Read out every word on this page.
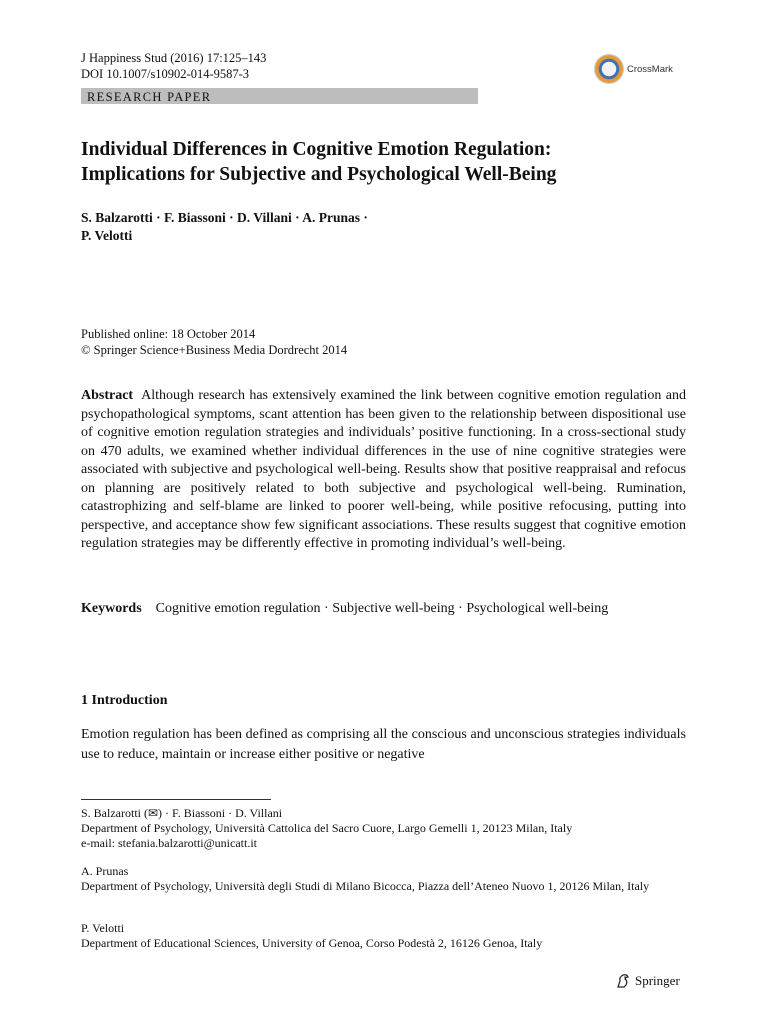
J Happiness Stud (2016) 17:125–143
DOI 10.1007/s10902-014-9587-3	CrossMark
RESEARCH PAPER
Individual Differences in Cognitive Emotion Regulation:
Implications for Subjective and Psychological Well-Being
S. Balzarotti · F. Biassoni · D. Villani · A. Prunas ·
P. Velotti
Published online: 18 October 2014
© Springer Science+Business Media Dordrecht 2014
Abstract Although research has extensively examined the link between cognitive emotion regulation and psychopathological symptoms, scant attention has been given to the relationship between dispositional use of cognitive emotion regulation strategies and individuals’ positive functioning. In a cross-sectional study on 470 adults, we examined whether individual differences in the use of nine cognitive strategies were associated with subjective and psychological well-being. Results show that positive reappraisal and refocus on planning are positively related to both subjective and psychological well-being. Rumination, catastrophizing and self-blame are linked to poorer well-being, while positive refocusing, putting into perspective, and acceptance show few significant associations. These results suggest that cognitive emotion regulation strategies may be differently effective in promoting individual’s well-being.
Keywords Cognitive emotion regulation · Subjective well-being · Psychological well-being
1 Introduction
Emotion regulation has been defined as comprising all the conscious and unconscious strategies individuals use to reduce, maintain or increase either positive or negative
S. Balzarotti (✉) · F. Biassoni · D. Villani
Department of Psychology, Università Cattolica del Sacro Cuore, Largo Gemelli 1, 20123 Milan, Italy
e-mail: stefania.balzarotti@unicatt.it
A. Prunas
Department of Psychology, Università degli Studi di Milano Bicocca, Piazza dell’Ateneo Nuovo 1, 20126 Milan, Italy
P. Velotti
Department of Educational Sciences, University of Genoa, Corso Podestà 2, 16126 Genoa, Italy
Springer
